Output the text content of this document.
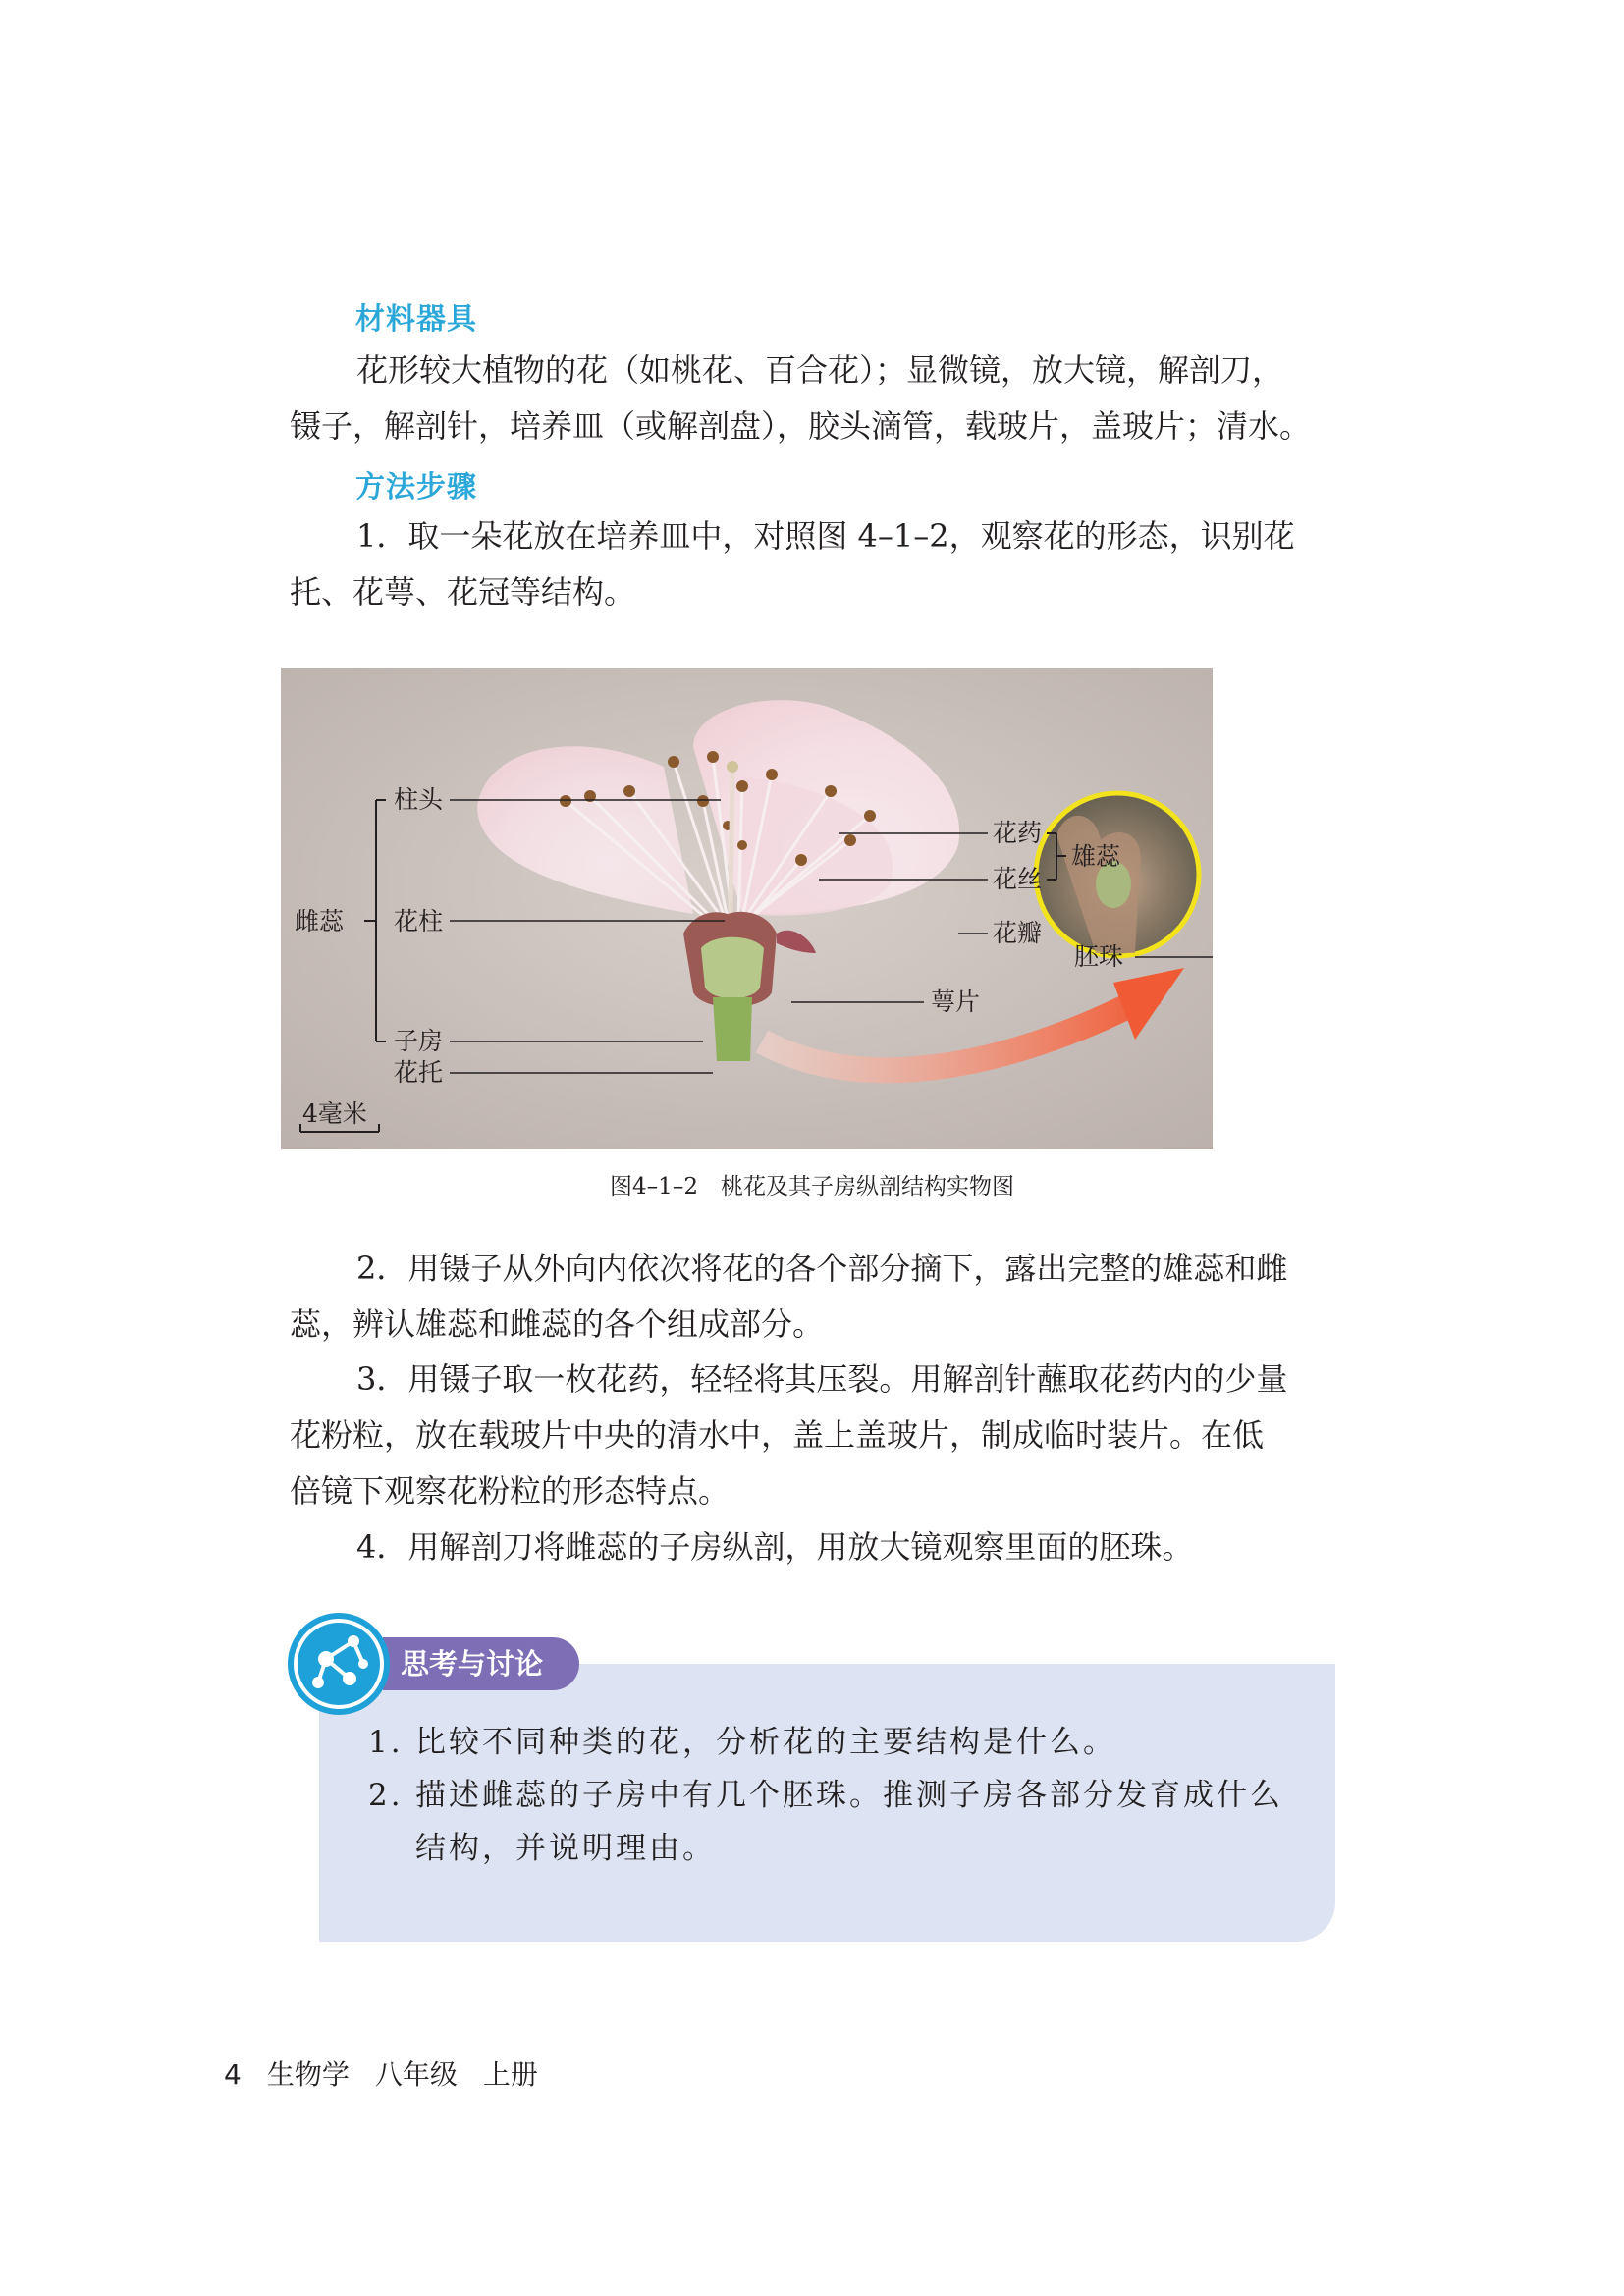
材料器具
花形较大植物的花（如桃花、百合花）；显微镜，放大镜，解剖刀，
镊子，解剖针，培养皿（或解剖盘），胶头滴管，载玻片，盖玻片；清水。
方法步骤
1．取一朵花放在培养皿中，对照图 4–1–2，观察花的形态，识别花
托、花萼、花冠等结构。
4毫米
雌蕊
柱头
花柱
子房
花托
花药
花丝
雄蕊
花瓣
萼片
胚珠

图4–1–2　桃花及其子房纵剖结构实物图

2．用镊子从外向内依次将花的各个部分摘下，露出完整的雄蕊和雌
蕊，辨认雄蕊和雌蕊的各个组成部分。
3．用镊子取一枚花药，轻轻将其压裂。用解剖针蘸取花药内的少量
花粉粒，放在载玻片中央的清水中，盖上盖玻片，制成临时装片。在低
倍镜下观察花粉粒的形态特点。
4．用解剖刀将雌蕊的子房纵剖，用放大镜观察里面的胚珠。
思考与讨论
1. 比较不同种类的花，分析花的主要结构是什么。
2. 描述雌蕊的子房中有几个胚珠。推测子房各部分发育成什么
结构，并说明理由。
4 生物学 八年级 上册
